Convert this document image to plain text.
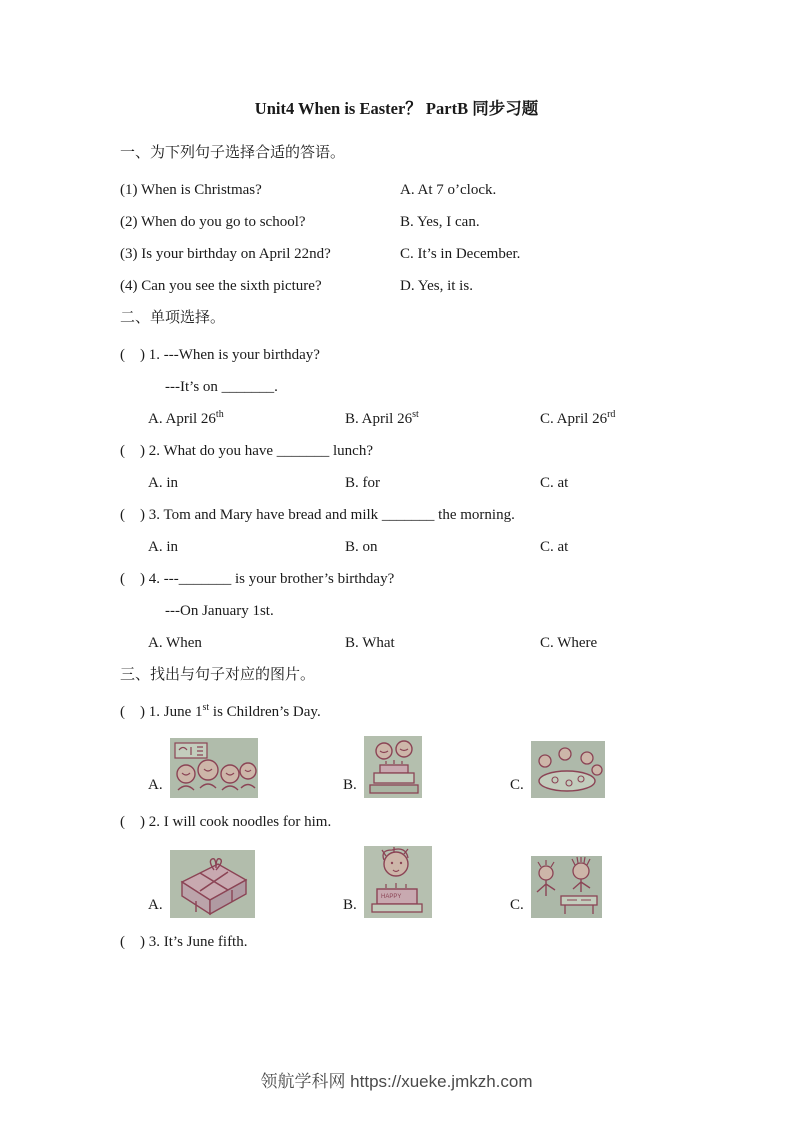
Unit4 When is Easter？ PartB 同步习题
一、为下列句子选择合适的答语。
(1) When is Christmas?	A. At 7 o’clock.
(2) When do you go to school?	B. Yes, I can.
(3) Is your birthday on April 22nd?	C. It’s in December.
(4) Can you see the sixth picture?	D. Yes, it is.
二、单项选择。
(　) 1. ---When is your birthday?
---It’s on _______.
A. April 26th	B. April 26st	C. April 26rd
(　) 2. What do you have _______ lunch?
A. in	B. for	C. at
(　) 3. Tom and Mary have bread and milk _______ the morning.
A. in	B. on	C. at
(　) 4. ---_______ is your brother’s birthday?
---On January 1st.
A. When	B. What	C. Where
三、找出与句子对应的图片。
(　) 1. June 1st is Children’s Day.
A.	B.	C.
(　) 2. I will cook noodles for him.
A.	B.	HAPPY	C.
(　) 3. It’s June fifth.
领航学科网 https://xueke.jmkzh.com
